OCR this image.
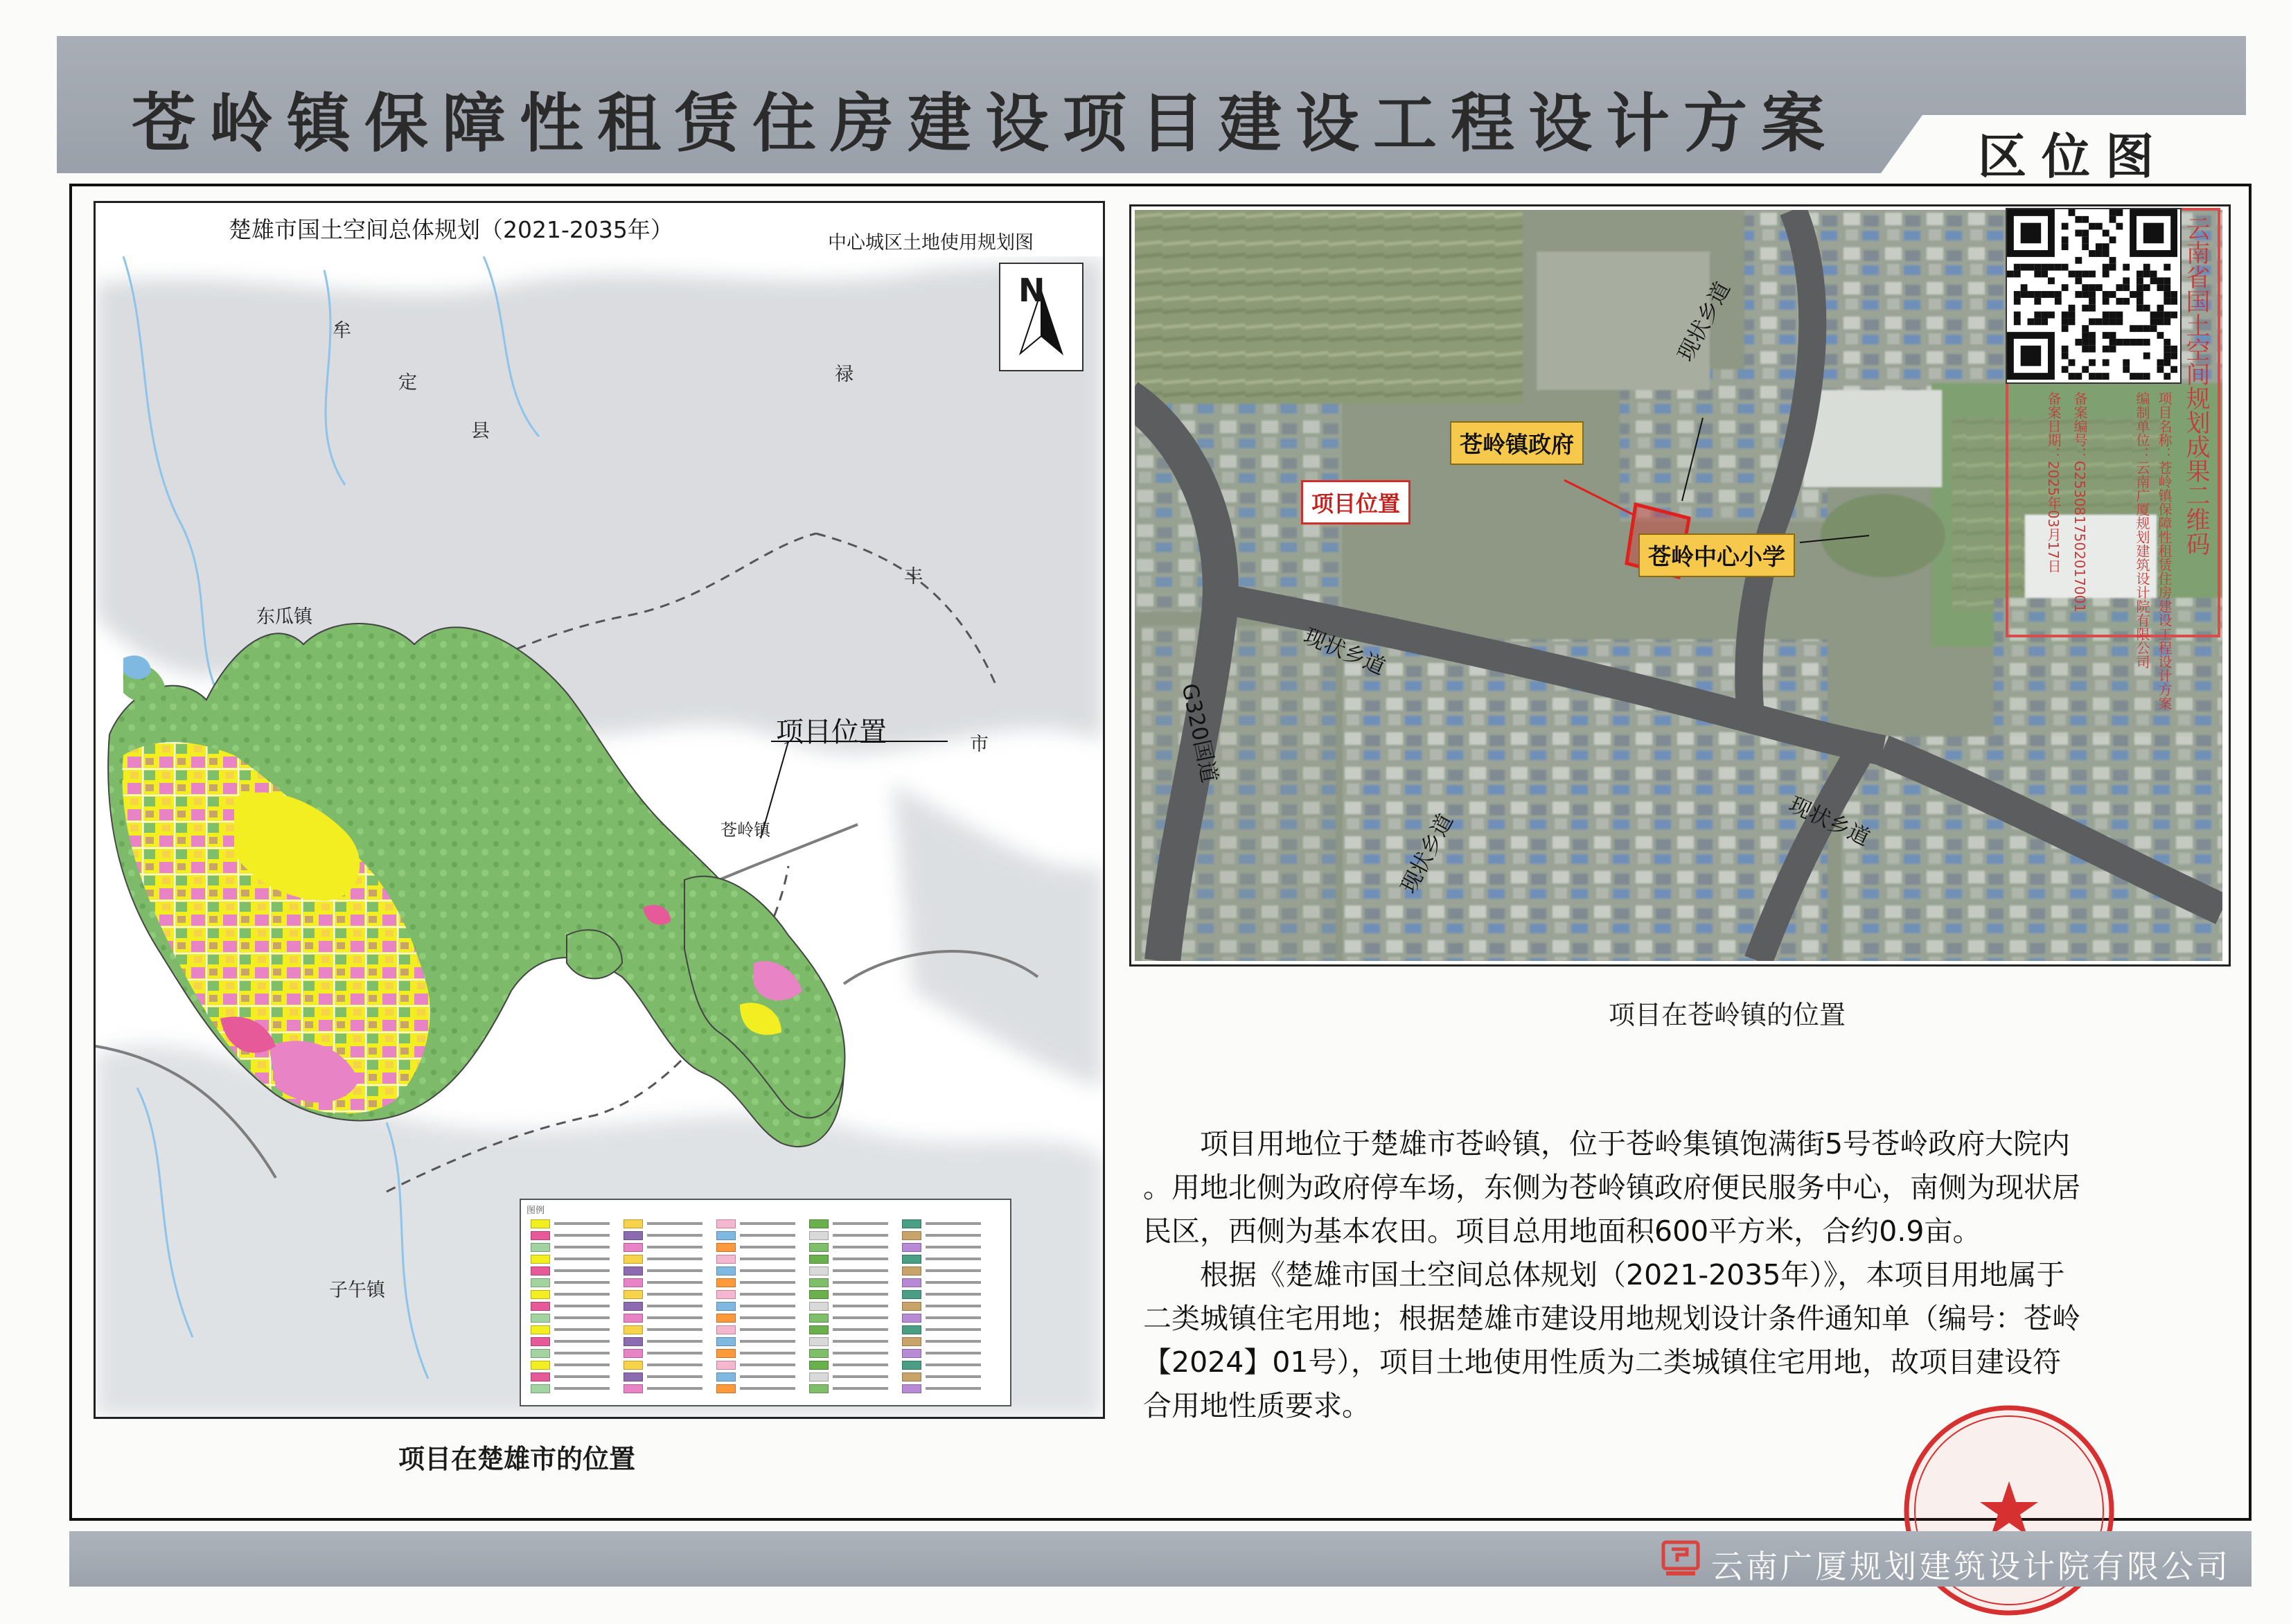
苍岭镇保障性租赁住房建设项目建设工程设计方案	区位图
楚雄市国土空间总体规划（2021-2035年）	中心城区土地使用规划图
N
牟
定
县
禄
丰
市
东瓜镇
苍岭镇
子午镇
项目位置
图例
项目在楚雄市的位置
苍岭镇政府
项目位置
苍岭中心小学
现状乡道
现状乡道
现状乡道
现状乡道
G320国道
云南省国土空间规划成果二维码
项目名称：苍岭镇保障性租赁住房建设工程设计方案
编制单位：云南广厦规划建筑设计院有限公司
备案编号：G2530817502017001
备案日期：2025年03月17日
项目在苍岭镇的位置
项目用地位于楚雄市苍岭镇，位于苍岭集镇饱满街5号苍岭政府大院内
。用地北侧为政府停车场，东侧为苍岭镇政府便民服务中心，南侧为现状居
民区，西侧为基本农田。项目总用地面积600平方米，合约0.9亩。
根据《楚雄市国土空间总体规划（2021-2035年）》，本项目用地属于
二类城镇住宅用地；根据楚雄市建设用地规划设计条件通知单（编号：苍岭
【2024】01号），项目土地使用性质为二类城镇住宅用地，故项目建设符
合用地性质要求。
云南广厦规划建筑设计院有限公司
